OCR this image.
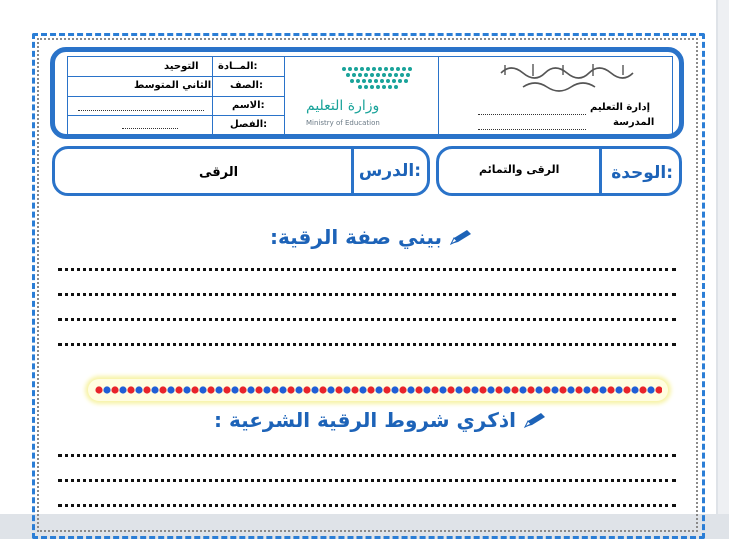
إدارة التعليم
المدرسة
وزارة التعليم
Ministry of Education
المــادة:
الصف:
الاسم:
الفصل:
التوحيد
الثاني المتوسط
الوحدة:
الرقى والتمائم
الدرس:
الرقى
بيني صفة الرقية:
اذكري شروط الرقية الشرعية :
